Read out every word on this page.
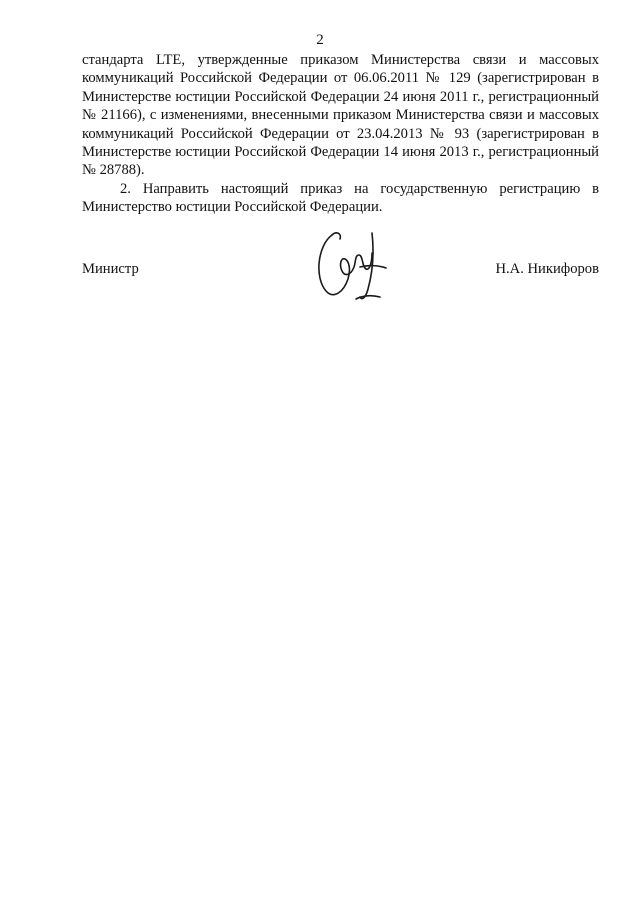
2

стандарта LTE, утвержденные приказом Министерства связи и массовых коммуникаций Российской Федерации от 06.06.2011 № 129 (зарегистрирован в Министерстве юстиции Российской Федерации 24 июня 2011 г., регистрационный № 21166), с изменениями, внесенными приказом Министерства связи и массовых коммуникаций Российской Федерации от 23.04.2013 № 93 (зарегистрирован в Министерстве юстиции Российской Федерации 14 июня 2013 г., регистрационный № 28788).

2. Направить настоящий приказ на государственную регистрацию в Министерство юстиции Российской Федерации.

Министр	Н.А. Никифоров
